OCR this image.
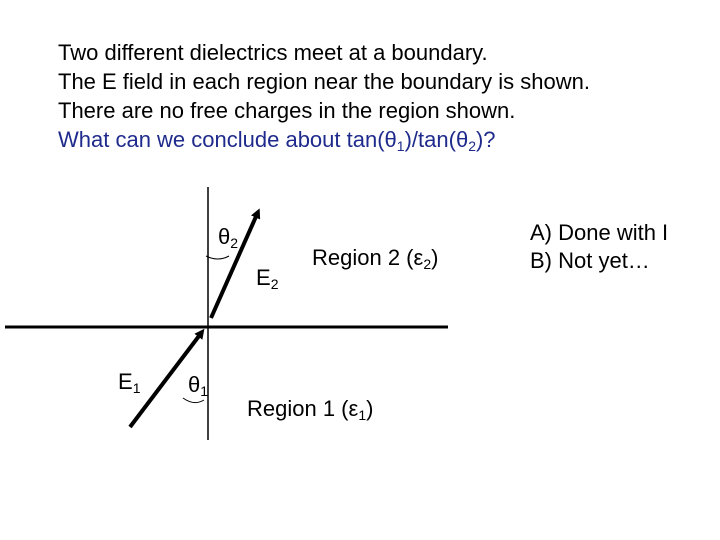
Two different dielectrics meet at a boundary.
The E field in each region near the boundary is shown.
There are no free charges in the region shown.
What can we conclude about $\tan(\theta_1)/\tan(\theta_2)$?
$\theta_2$
$E_2$
Region 2 $(\varepsilon_2)$
$E_1$ $\theta_1$
Region 1 $(\varepsilon_1)$
A) Done with I
B) Not yet…
